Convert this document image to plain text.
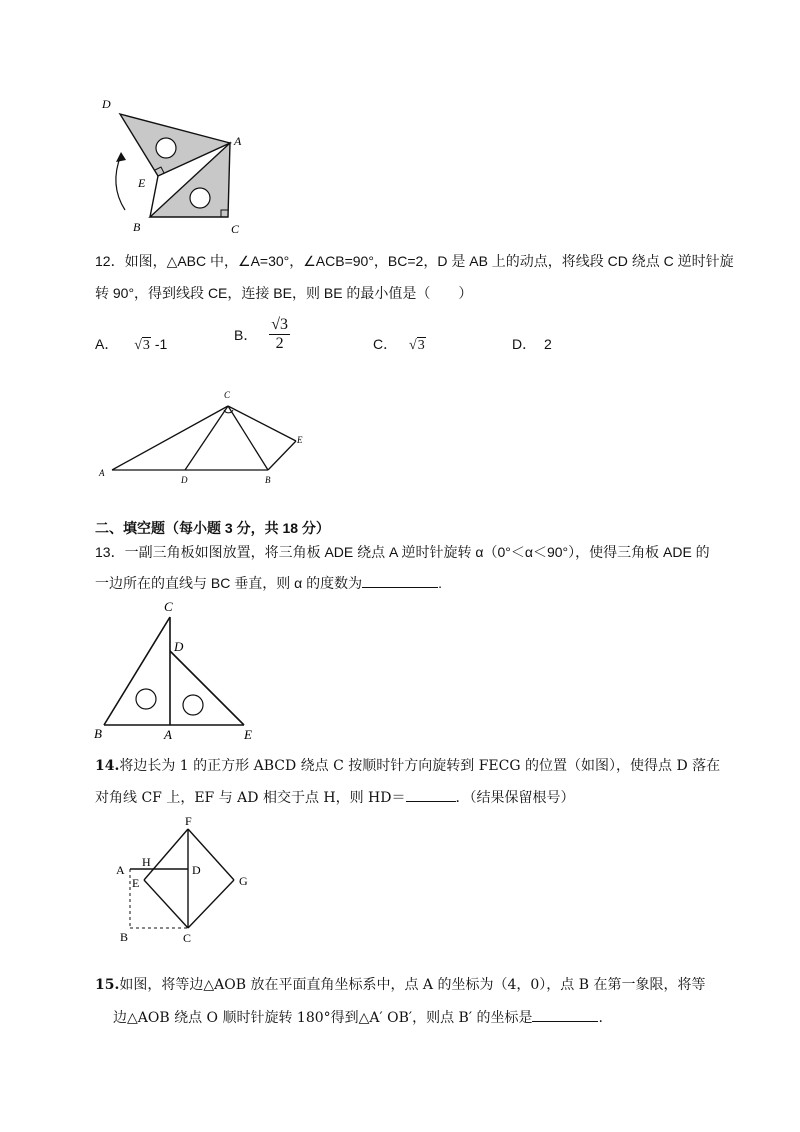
D
A
E
B	C
12．如图，△ABC 中，∠A=30°，∠ACB=90°，BC=2，D 是 AB 上的动点，将线段 CD 绕点 C 逆时针旋
转 90°，得到线段 CE，连接 BE，则 BE 的最小值是（　　）
A． √3 -1
B． $\frac{√3}{2}$	C． √3	D． 2
C
E
A
D	B
二、填空题（每小题 3 分，共 18 分）
13．一副三角板如图放置，将三角板 ADE 绕点 A 逆时针旋转 α（0°＜α＜90°），使得三角板 ADE 的
一边所在的直线与 BC 垂直，则 α 的度数为	.
C
D
B	A	E
14.将边长为 1 的正方形 ABCD 绕点 C 按顺时针方向旋转到 FECG 的位置（如图），使得点 D 落在
对角线 CF 上，EF 与 AD 相交于点 H，则 HD＝	．（结果保留根号）
F
A
H
D
G
E
B	C
15.如图，将等边△AOB 放在平面直角坐标系中，点 A 的坐标为（4，0），点 B 在第一象限，将等
边△AOB 绕点 O 顺时针旋转 180°得到△A′ OB′，则点 B′ 的坐标是	.
